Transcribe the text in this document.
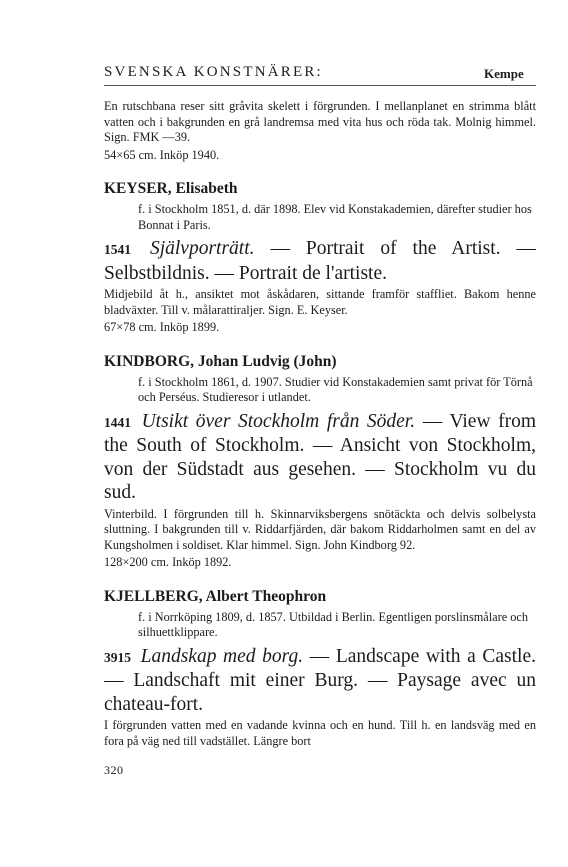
SVENSKA KONSTNÄRER:	Kempe

En rutschbana reser sitt gråvita skelett i förgrunden. I mellanplanet en strimma blått vatten och i bakgrunden en grå landremsa med vita hus och röda tak. Molnig himmel. Sign. FMK —39.

54×65 cm. Inköp 1940.

KEYSER, Elisabeth

f. i Stockholm 1851, d. där 1898. Elev vid Konstakademien, därefter studier hos Bonnat i Paris.

1541 Självporträtt. — Portrait of the Artist. — Selbstbildnis. — Portrait de l'artiste.

Midjebild åt h., ansiktet mot åskådaren, sittande framför staffliet. Bakom henne bladväxter. Till v. målarattiraljer. Sign. E. Keyser.

67×78 cm. Inköp 1899.

KINDBORG, Johan Ludvig (John)

f. i Stockholm 1861, d. 1907. Studier vid Konstakademien samt privat för Törnå och Perséus. Studieresor i utlandet.

1441 Utsikt över Stockholm från Söder. — View from the South of Stockholm. — Ansicht von Stockholm, von der Südstadt aus gesehen. — Stockholm vu du sud.

Vinterbild. I förgrunden till h. Skinnarviksbergens snötäckta och delvis solbelysta sluttning. I bakgrunden till v. Riddarfjärden, där bakom Riddarholmen samt en del av Kungsholmen i soldiset. Klar himmel. Sign. John Kindborg 92.

128×200 cm. Inköp 1892.

KJELLBERG, Albert Theophron

f. i Norrköping 1809, d. 1857. Utbildad i Berlin. Egentligen porslinsmålare och silhuettklippare.

3915 Landskap med borg. — Landscape with a Castle. — Landschaft mit einer Burg. — Paysage avec un chateau-fort.

I förgrunden vatten med en vadande kvinna och en hund. Till h. en landsväg med en fora på väg ned till vadstället. Längre bort

320
